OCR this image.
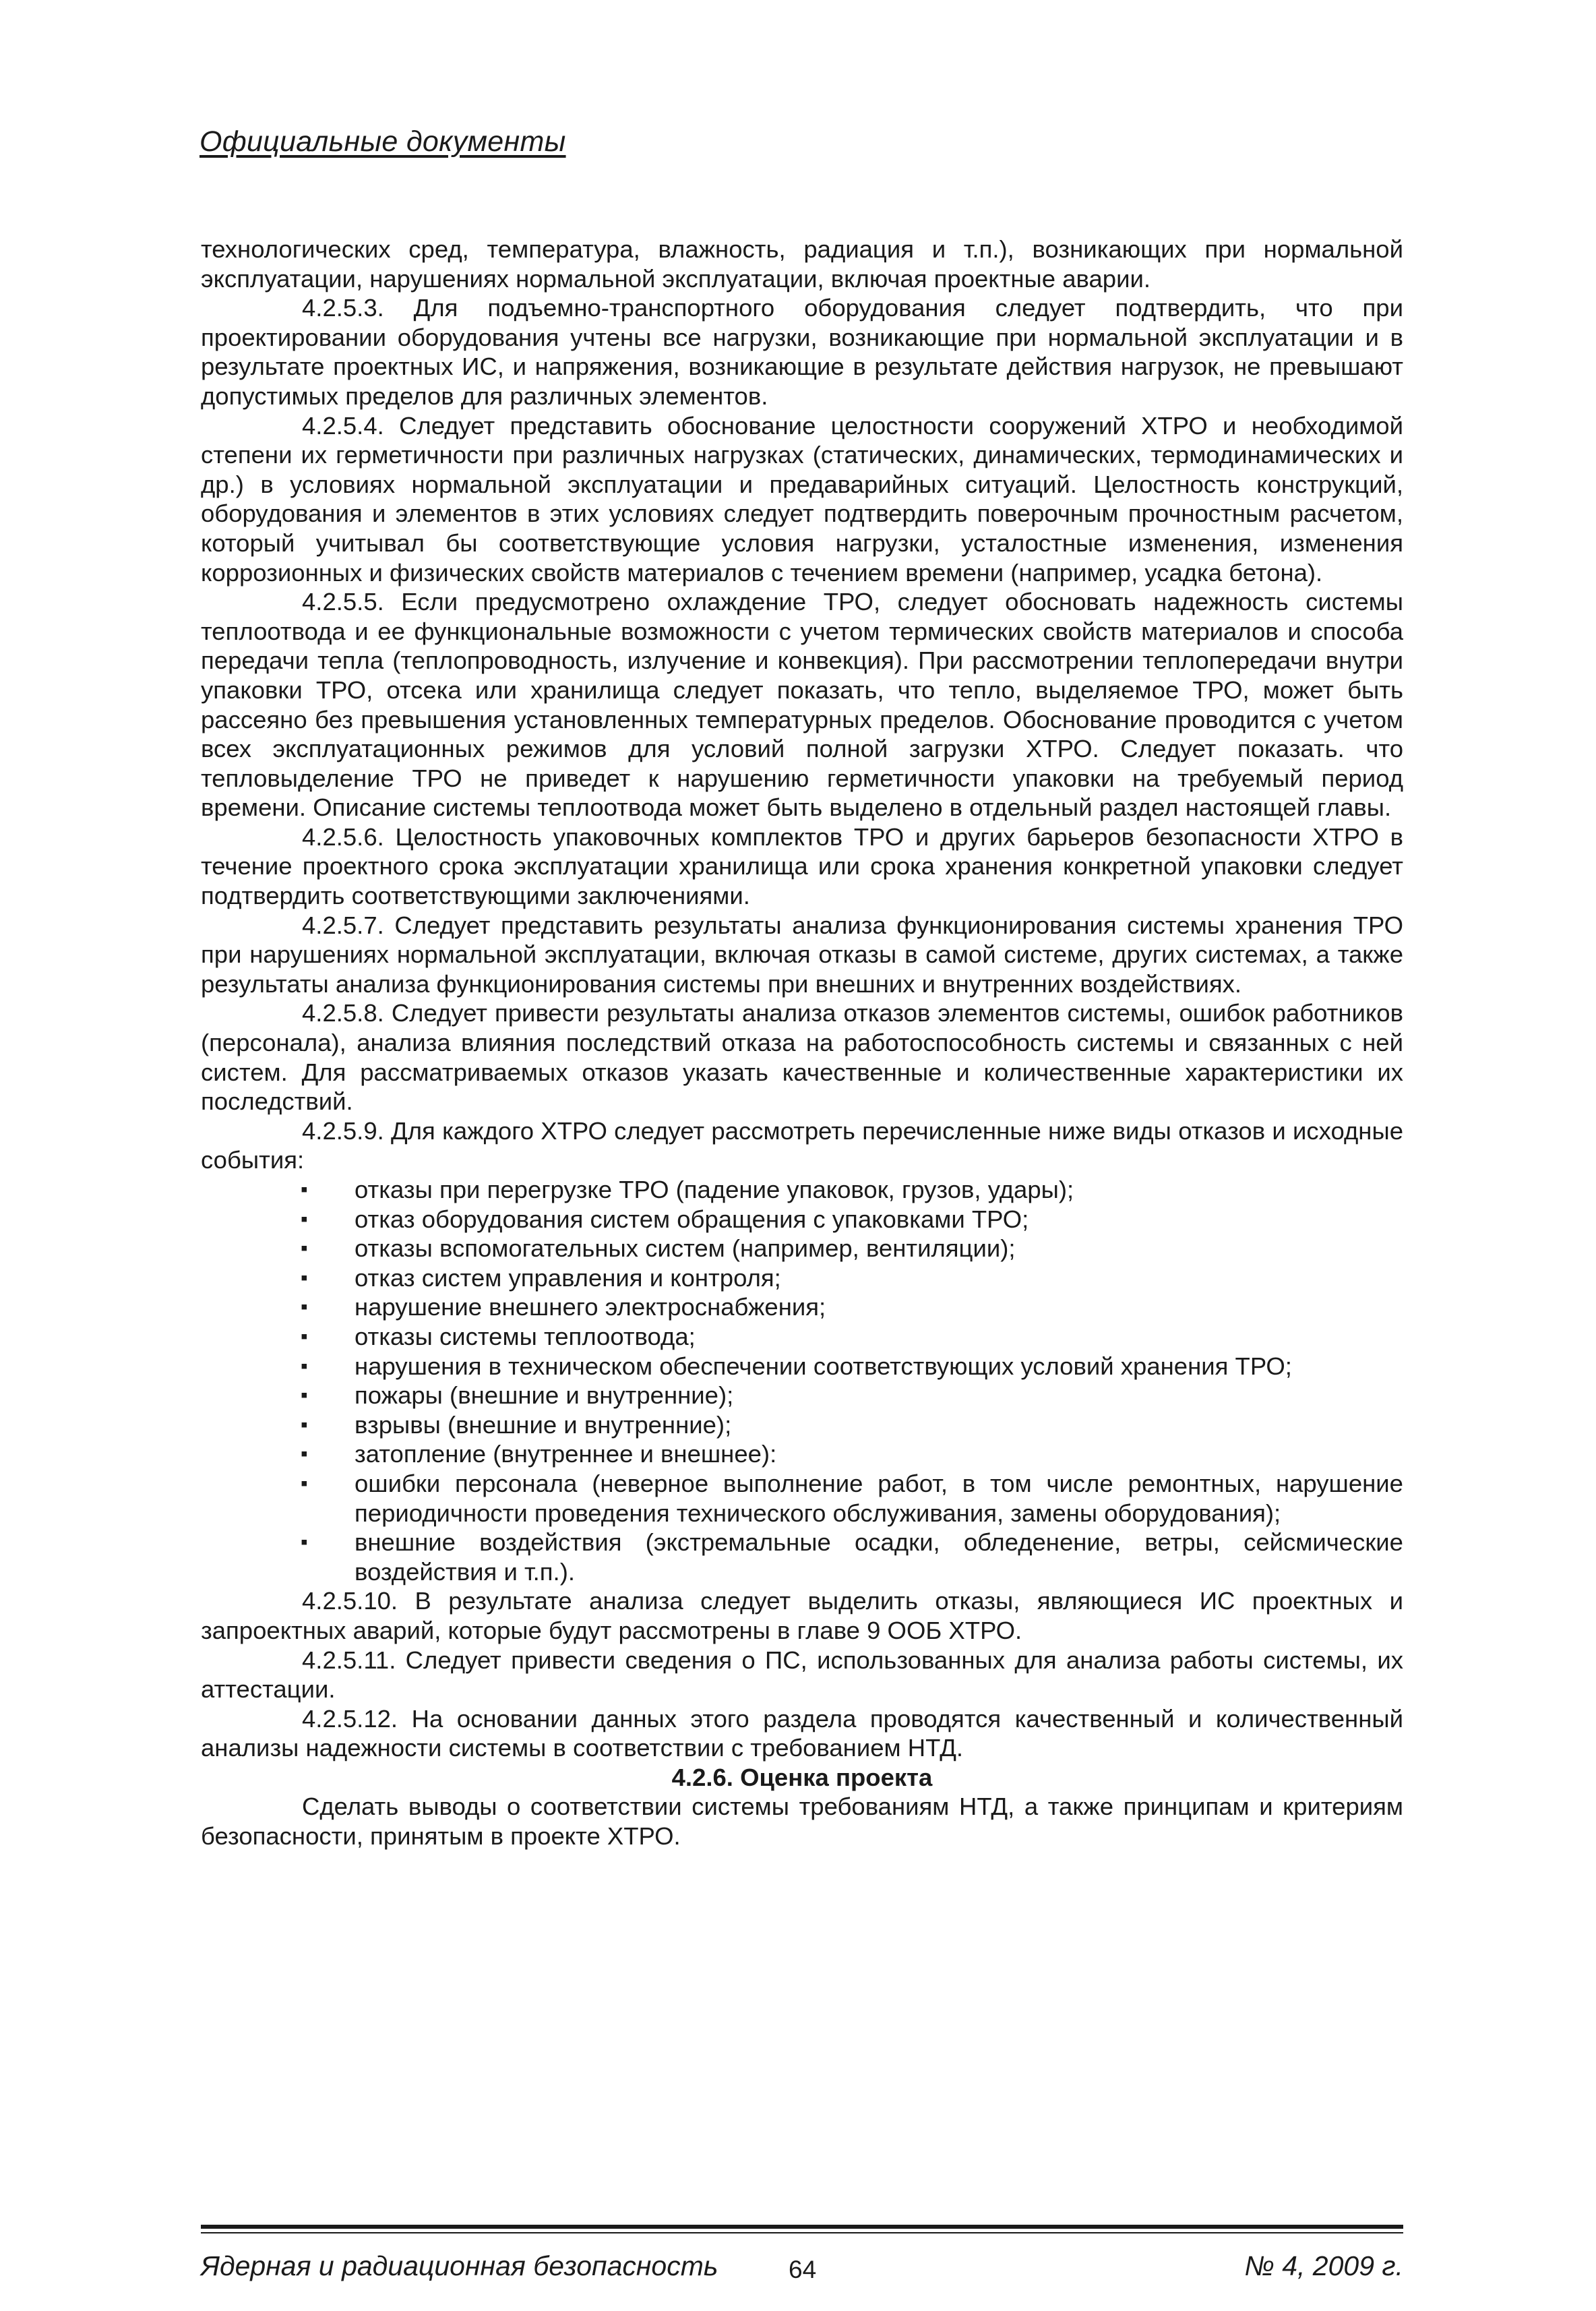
Официальные документы

технологических сред, температура, влажность, радиация и т.п.), возникающих при нормальной эксплуатации, нарушениях нормальной эксплуатации, включая проектные аварии.

4.2.5.3. Для подъемно-транспортного оборудования следует подтвердить, что при проектировании оборудования учтены все нагрузки, возникающие при нормальной эксплуатации и в результате проектных ИС, и напряжения, возникающие в результате действия нагрузок, не превышают допустимых пределов для различных элементов.

4.2.5.4. Следует представить обоснование целостности сооружений ХТРО и необходимой степени их герметичности при различных нагрузках (статических, динамических, термодинамических и др.) в условиях нормальной эксплуатации и предаварийных ситуаций. Целостность конструкций, оборудования и элементов в этих условиях следует подтвердить поверочным прочностным расчетом, который учитывал бы соответствующие условия нагрузки, усталостные изменения, изменения коррозионных и физических свойств материалов с течением времени (например, усадка бетона).

4.2.5.5. Если предусмотрено охлаждение ТРО, следует обосновать надежность системы теплоотвода и ее функциональные возможности с учетом термических свойств материалов и способа передачи тепла (теплопроводность, излучение и конвекция). При рассмотрении теплопередачи внутри упаковки ТРО, отсека или хранилища следует показать, что тепло, выделяемое ТРО, может быть рассеяно без превышения установленных температурных пределов. Обоснование проводится с учетом всех эксплуатационных режимов для условий полной загрузки ХТРО. Следует показать. что тепловыделение ТРО не приведет к нарушению герметичности упаковки на требуемый период времени. Описание системы теплоотвода может быть выделено в отдельный раздел настоящей главы.

4.2.5.6. Целостность упаковочных комплектов ТРО и других барьеров безопасности ХТРО в течение проектного срока эксплуатации хранилища или срока хранения конкретной упаковки следует подтвердить соответствующими заключениями.

4.2.5.7. Следует представить результаты анализа функционирования системы хранения ТРО при нарушениях нормальной эксплуатации, включая отказы в самой системе, других системах, а также результаты анализа функционирования системы при внешних и внутренних воздействиях.

4.2.5.8. Следует привести результаты анализа отказов элементов системы, ошибок работников (персонала), анализа влияния последствий отказа на работоспособность системы и связанных с ней систем. Для рассматриваемых отказов указать качественные и количественные характеристики их последствий.

4.2.5.9. Для каждого ХТРО следует рассмотреть перечисленные ниже виды отказов и исходные события:

▪ отказы при перегрузке ТРО (падение упаковок, грузов, удары);
▪ отказ оборудования систем обращения с упаковками ТРО;
▪ отказы вспомогательных систем (например, вентиляции);
▪ отказ систем управления и контроля;
▪ нарушение внешнего электроснабжения;
▪ отказы системы теплоотвода;
▪ нарушения в техническом обеспечении соответствующих условий хранения ТРО;
▪ пожары (внешние и внутренние);
▪ взрывы (внешние и внутренние);
▪ затопление (внутреннее и внешнее):
▪ ошибки персонала (неверное выполнение работ, в том числе ремонтных, нарушение периодичности проведения технического обслуживания, замены оборудования);
▪ внешние воздействия (экстремальные осадки, обледенение, ветры, сейсмические воздействия и т.п.).

4.2.5.10. В результате анализа следует выделить отказы, являющиеся ИС проектных и запроектных аварий, которые будут рассмотрены в главе 9 ООБ ХТРО.

4.2.5.11. Следует привести сведения о ПС, использованных для анализа работы системы, их аттестации.

4.2.5.12. На основании данных этого раздела проводятся качественный и количественный анализы надежности системы в соответствии с требованием НТД.

4.2.6. Оценка проекта

Сделать выводы о соответствии системы требованиям НТД, а также принципам и критериям безопасности, принятым в проекте ХТРО.

Ядерная и радиационная безопасность	64	№ 4, 2009 г.
